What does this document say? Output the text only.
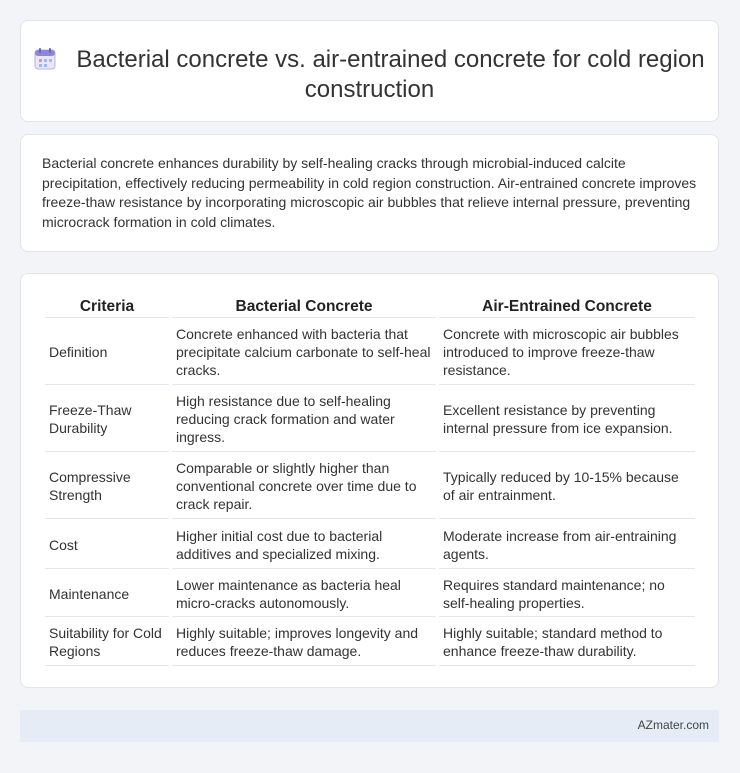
Bacterial concrete vs. air-entrained concrete for cold region construction

Bacterial concrete enhances durability by self-healing cracks through microbial-induced calcite precipitation, effectively reducing permeability in cold region construction. Air-entrained concrete improves freeze-thaw resistance by incorporating microscopic air bubbles that relieve internal pressure, preventing microcrack formation in cold climates.

Criteria	Bacterial Concrete	Air-Entrained Concrete
Definition	Concrete enhanced with bacteria that precipitate calcium carbonate to self-heal cracks.	Concrete with microscopic air bubbles introduced to improve freeze-thaw resistance.
Freeze-Thaw Durability	High resistance due to self-healing reducing crack formation and water ingress.	Excellent resistance by preventing internal pressure from ice expansion.
Compressive Strength	Comparable or slightly higher than conventional concrete over time due to crack repair.	Typically reduced by 10-15% because of air entrainment.
Cost	Higher initial cost due to bacterial additives and specialized mixing.	Moderate increase from air-entraining agents.
Maintenance	Lower maintenance as bacteria heal micro-cracks autonomously.	Requires standard maintenance; no self-healing properties.
Suitability for Cold Regions	Highly suitable; improves longevity and reduces freeze-thaw damage.	Highly suitable; standard method to enhance freeze-thaw durability.
AZmater.com
